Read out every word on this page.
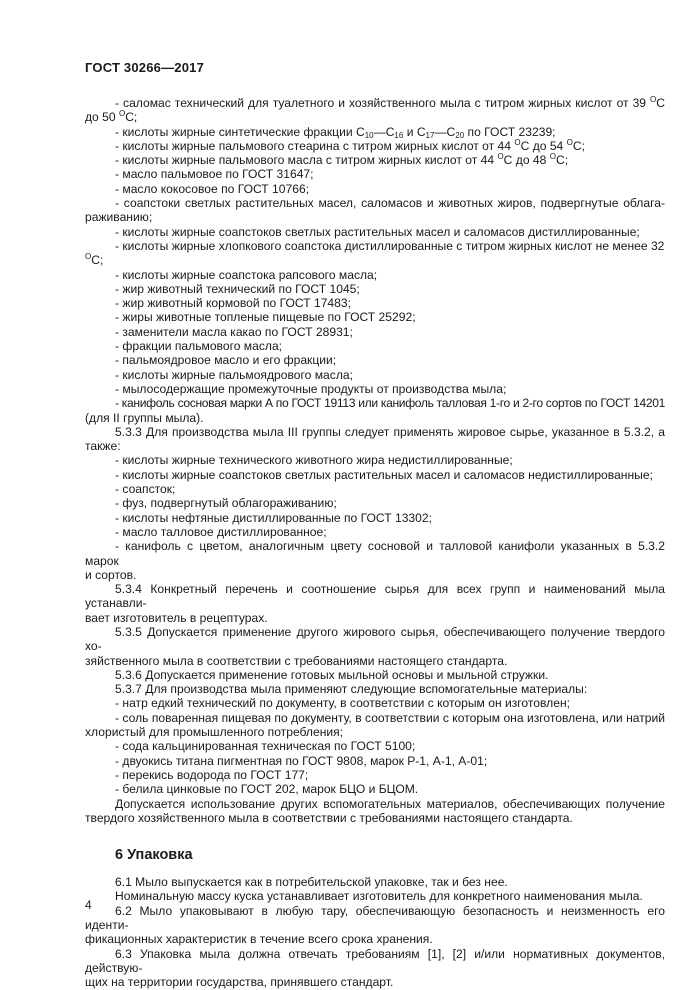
ГОСТ 30266—2017

- саломас технический для туалетного и хозяйственного мыла с титром жирных кислот от 39 $^О$С

до 50 $^О$С;

- кислоты жирные синтетические фракции $С_{10}—С_{16}$ и $С_{17}—С_{20}$ по ГОСТ 23239;

- кислоты жирные пальмового стеарина с титром жирных кислот от 44 $^О$С до 54 $^О$С;

- кислоты жирные пальмового масла с титром жирных кислот от 44 $^О$С до 48 $^О$С;

- масло пальмовое по ГОСТ 31647;

- масло кокосовое по ГОСТ 10766;

- соапстоки светлых растительных масел, саломасов и животных жиров, подвергнутые облага-

раживанию;

- кислоты жирные соапстоков светлых растительных масел и саломасов дистиллированные;

- кислоты жирные хлопкового соапстока дистиллированные с титром жирных кислот не менее 32 $^О$С;

- кислоты жирные соапстока рапсового масла;

- жир животный технический по ГОСТ 1045;

- жир животный кормовой по ГОСТ 17483;

- жиры животные топленые пищевые по ГОСТ 25292;

- заменители масла какао по ГОСТ 28931;

- фракции пальмового масла;

- пальмоядровое масло и его фракции;

- кислоты жирные пальмоядрового масла;

- мылосодержащие промежуточные продукты от производства мыла;

- канифоль сосновая марки А по ГОСТ 19113 или канифоль талловая 1-го и 2-го сортов по ГОСТ 14201

(для II группы мыла).

5.3.3 Для производства мыла III группы следует применять жировое сырье, указанное в 5.3.2, а

также:

- кислоты жирные технического животного жира недистиллированные;

- кислоты жирные соапстоков светлых растительных масел и саломасов недистиллированные;

- соапсток;

- фуз, подвергнутый облагораживанию;

- кислоты нефтяные дистиллированные по ГОСТ 13302;

- масло талловое дистиллированное;

- канифоль с цветом, аналогичным цвету сосновой и талловой канифоли указанных в 5.3.2 марок

и сортов.

5.3.4 Конкретный перечень и соотношение сырья для всех групп и наименований мыла устанавли-

вает изготовитель в рецептурах.

5.3.5 Допускается применение другого жирового сырья, обеспечивающего получение твердого хо-

зяйственного мыла в соответствии с требованиями настоящего стандарта.

5.3.6 Допускается применение готовых мыльной основы и мыльной стружки.

5.3.7 Для производства мыла применяют следующие вспомогательные материалы:

- натр едкий технический по документу, в соответствии с которым он изготовлен;

- соль поваренная пищевая по документу, в соответствии с которым она изготовлена, или натрий

хлористый для промышленного потребления;

- сода кальцинированная техническая по ГОСТ 5100;

- двуокись титана пигментная по ГОСТ 9808, марок Р-1, А-1, А-01;

- перекись водорода по ГОСТ 177;

- белила цинковые по ГОСТ 202, марок БЦО и БЦОМ.

Допускается использование других вспомогательных материалов, обеспечивающих получение

твердого хозяйственного мыла в соответствии с требованиями настоящего стандарта.

6 Упаковка

6.1 Мыло выпускается как в потребительской упаковке, так и без нее.

Номинальную массу куска устанавливает изготовитель для конкретного наименования мыла.

6.2 Мыло упаковывают в любую тару, обеспечивающую безопасность и неизменность его иденти-

фикационных характеристик в течение всего срока хранения.

6.3 Упаковка мыла должна отвечать требованиям [1], [2] и/или нормативных документов, действую-

щих на территории государства, принявшего стандарт.

4
